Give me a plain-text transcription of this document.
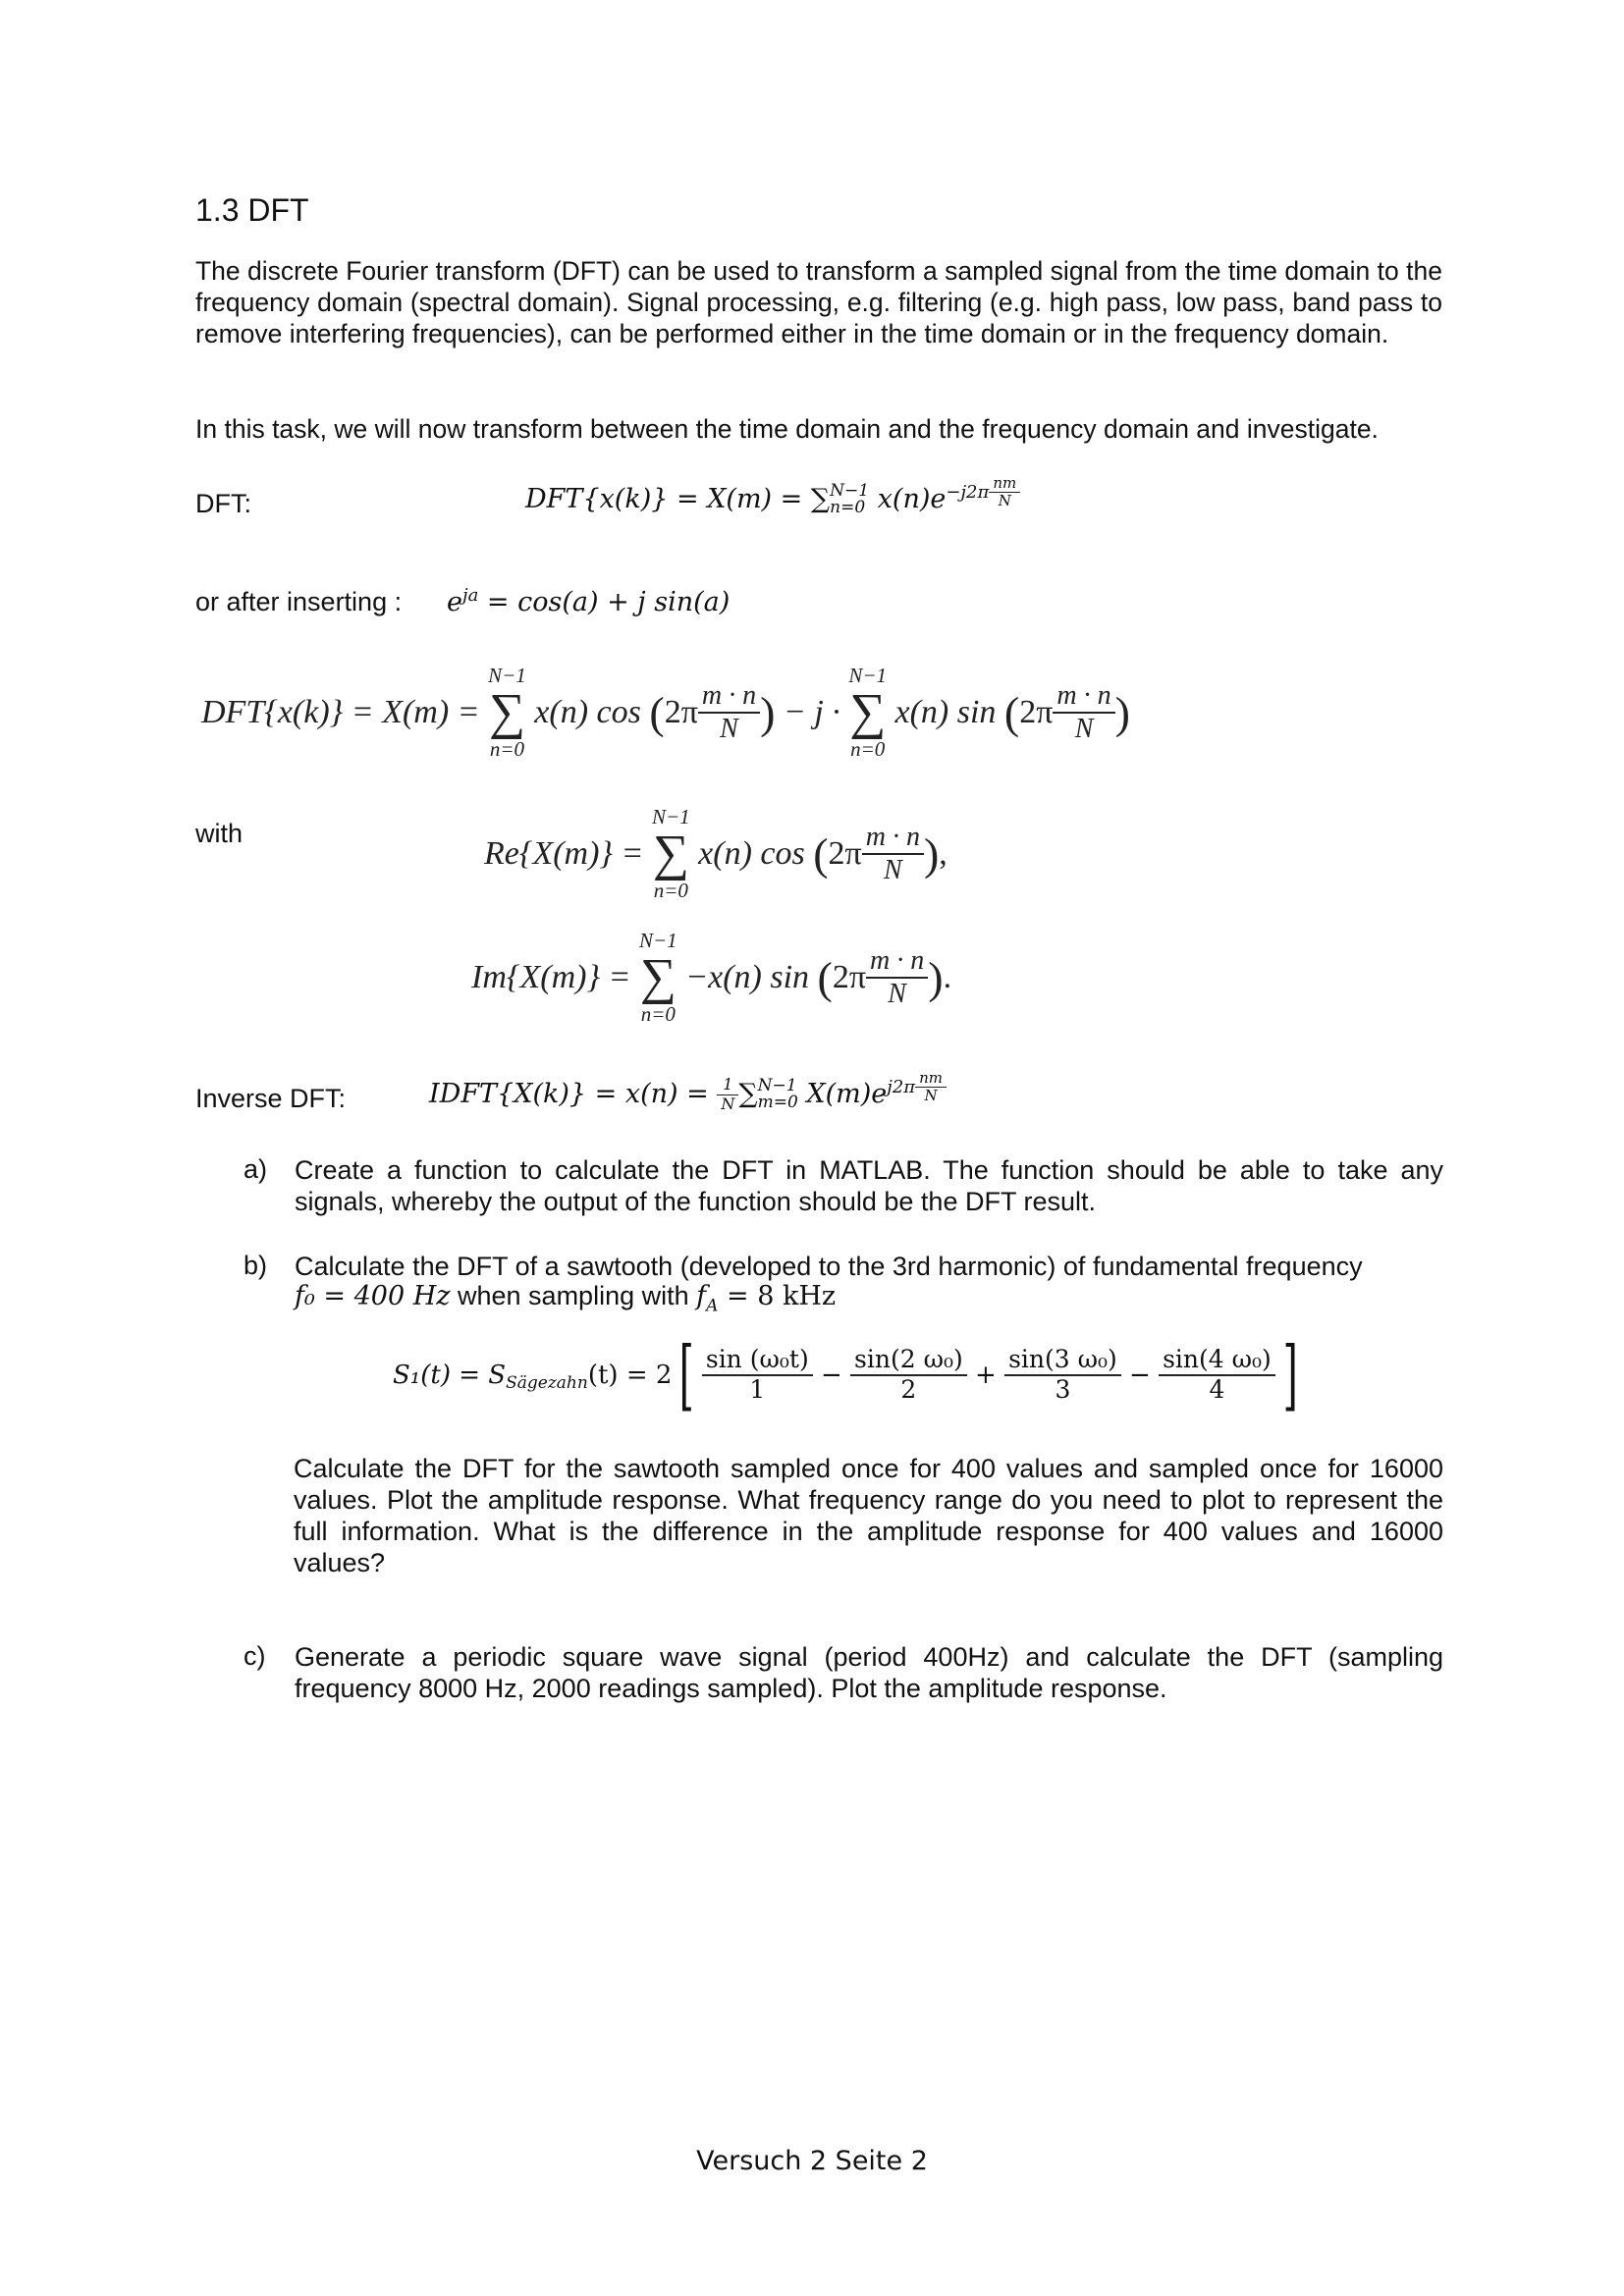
1.3 DFT

The discrete Fourier transform (DFT) can be used to transform a sampled signal from the time domain to the frequency domain (spectral domain). Signal processing, e.g. filtering (e.g. high pass, low pass, band pass to remove interfering frequencies), can be performed either in the time domain or in the frequency domain.

In this task, we will now transform between the time domain and the frequency domain and investigate.

DFT:	DFT{x(k)} = X(m) = ∑ N−1
n=0 $x(n)e^{-j2\pi \frac{nm}{N}}$
or after inserting : $e^{ja} = \cos(a) + j$ sin(a)
DFT{x(k)} = X(m) =
N−1
∑
n=0
x(n) $\cos (2\pi \frac{m \cdot n}{N}$ ) − j ·
N−1
∑
n=0
x(n) $\sin (2\pi \frac{m \cdot n}{N}$ )
with
Re{X(m)} =
N−1
∑
n=0
x(n) $\cos (2\pi \frac{m \cdot n}{N}$ ),
Im{X(m)} =
N−1
∑
n=0
−x(n) $\sin (2\pi \frac{m \cdot n}{N}$ ).
Inverse DFT:	IDFT{X(k)} = $x(n) = \frac{1}{N}$ ∑ N−1
m=0 $X(m)e^{j2\pi \frac{nm}{N}}$
a) Create a function to calculate the DFT in MATLAB. The function should be able to take any signals, whereby the output of the function should be the DFT result.
b) Calculate the DFT of a sawtooth (developed to the 3rd harmonic) of fundamental frequency
f₀ = 400 Hz when sampling with $f_A = 8$ kHz
$S_1(t) = S_{Sägezahn}(t) = 2[ \frac{\text{sin (ω₀t)}}{1} - \frac{\text{sin(2 ω₀)}}{2} + \frac{\text{sin(3 ω₀)}}{3} - \frac{\text{sin(4 ω₀)}}{4}$ ]
Calculate the DFT for the sawtooth sampled once for 400 values and sampled once for 16000 values. Plot the amplitude response. What frequency range do you need to plot to represent the full information. What is the difference in the amplitude response for 400 values and 16000 values?
c) Generate a periodic square wave signal (period 400Hz) and calculate the DFT (sampling frequency 8000 Hz, 2000 readings sampled). Plot the amplitude response.
Versuch 2 Seite 2
